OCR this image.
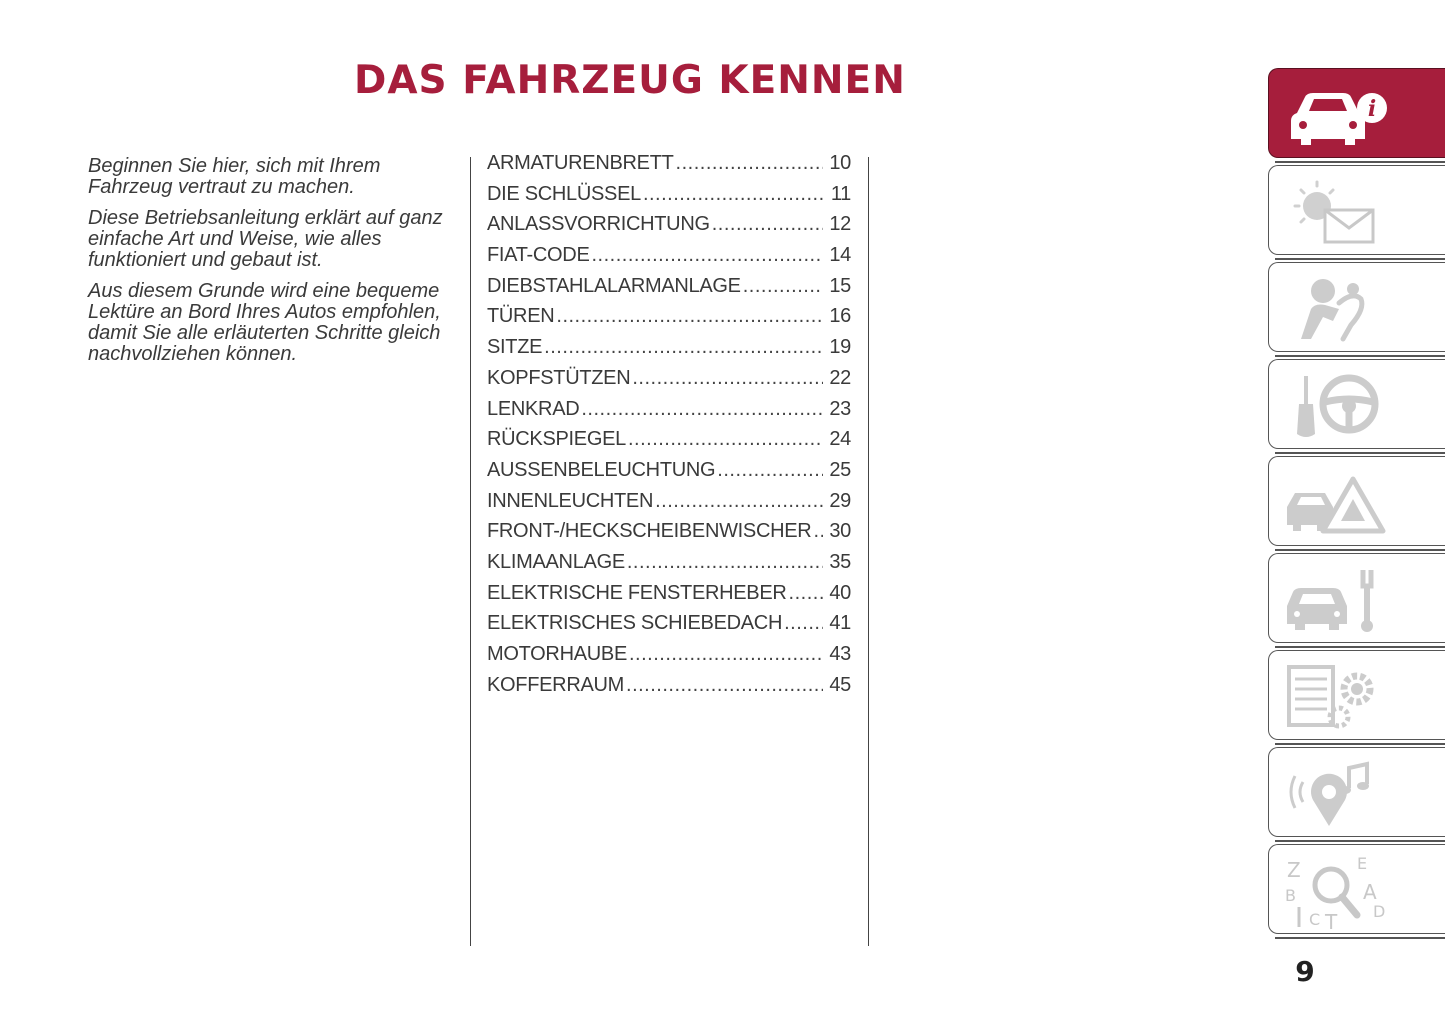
DAS FAHRZEUG KENNEN

Beginnen Sie hier, sich mit Ihrem Fahrzeug vertraut zu machen.

Diese Betriebsanleitung erklärt auf ganz einfache Art und Weise, wie alles funktioniert und gebaut ist.

Aus diesem Grunde wird eine bequeme Lektüre an Bord Ihres Autos empfohlen, damit Sie alle erläuterten Schritte gleich nachvollziehen können.

ARMATURENBRETT .....	10
DIE SCHLÜSSEL .....	11
ANLASSVORRICHTUNG .....	12
FIAT-CODE .....	14
DIEBSTAHLALARMANLAGE .....	15
TÜREN .....	16
SITZE .....	19
KOPFSTÜTZEN .....	22
LENKRAD .....	23
RÜCKSPIEGEL .....	24
AUSSENBELEUCHTUNG .....	25
INNENLEUCHTEN .....	29
FRONT-/HECKSCHEIBENWISCHER ..... 30
KLIMAANLAGE .....	35
ELEKTRISCHE FENSTERHEBER ..... 40
ELEKTRISCHES SCHIEBEDACH ..... 41
MOTORHAUBE .....	43
KOFFERRAUM .....	45
i
Z	E
A
B
C T D
9
